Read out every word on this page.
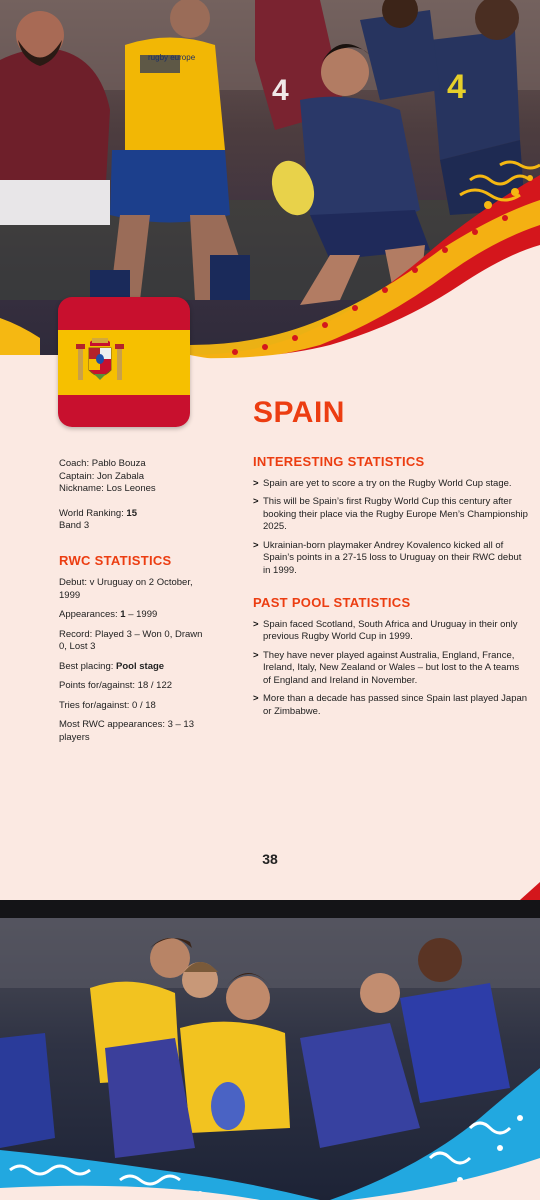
rugby europe
4	4
SPAIN

Coach: Pablo Bouza

Captain: Jon Zabala

Nickname: Los Leones

World Ranking: 15

Band 3

RWC STATISTICS

Debut: v Uruguay on 2 October, 1999

Appearances: 1 – 1999

Record: Played 3 – Won 0, Drawn 0, Lost 3

Best placing: Pool stage

Points for/against: 18 / 122

Tries for/against: 0 / 18

Most RWC appearances: 3 – 13 players

INTERESTING STATISTICS
> Spain are yet to score a try on the Rugby World Cup stage.
> This will be Spain’s first Rugby World Cup this century after booking their place via the Rugby Europe Men’s Championship 2025.
> Ukrainian-born playmaker Andrey Kovalenco kicked all of Spain’s points in a 27-15 loss to Uruguay on their RWC debut in 1999.
PAST POOL STATISTICS
> Spain faced Scotland, South Africa and Uruguay in their only previous Rugby World Cup in 1999.
> They have never played against Australia, England, France, Ireland, Italy, New Zealand or Wales – but lost to the A teams of England and Ireland in November.
> More than a decade has passed since Spain last played Japan or Zimbabwe.
38
